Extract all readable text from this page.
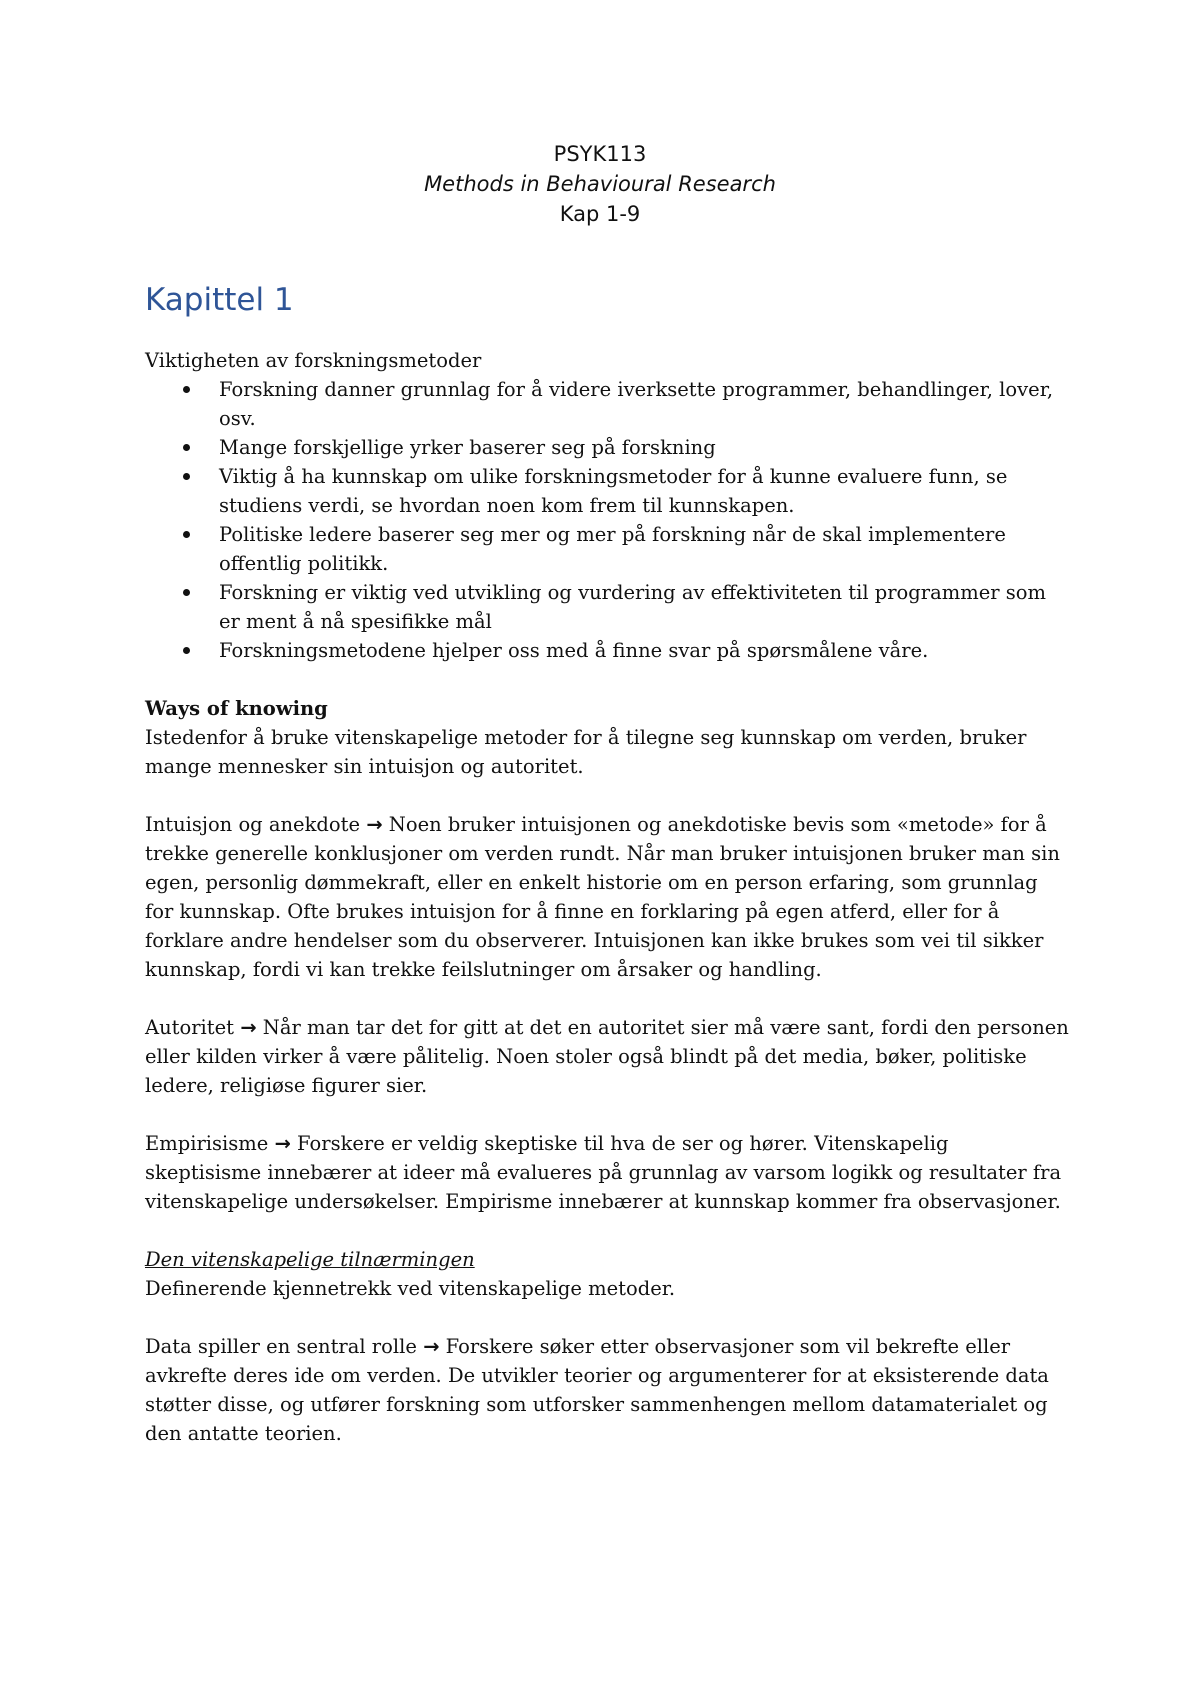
PSYK113
Methods in Behavioural Research
Kap 1-9
Kapittel 1

Viktigheten av forskningsmetoder

Forskning danner grunnlag for å videre iverksette programmer, behandlinger, lover, osv.
Mange forskjellige yrker baserer seg på forskning
Viktig å ha kunnskap om ulike forskningsmetoder for å kunne evaluere funn, se studiens verdi, se hvordan noen kom frem til kunnskapen.
Politiske ledere baserer seg mer og mer på forskning når de skal implementere offentlig politikk.
Forskning er viktig ved utvikling og vurdering av effektiviteten til programmer som er ment å nå spesifikke mål
Forskningsmetodene hjelper oss med å finne svar på spørsmålene våre.

Ways of knowing

Istedenfor å bruke vitenskapelige metoder for å tilegne seg kunnskap om verden, bruker mange mennesker sin intuisjon og autoritet.

Intuisjon og anekdote → Noen bruker intuisjonen og anekdotiske bevis som «metode» for å trekke generelle konklusjoner om verden rundt. Når man bruker intuisjonen bruker man sin egen, personlig dømmekraft, eller en enkelt historie om en person erfaring, som grunnlag for kunnskap. Ofte brukes intuisjon for å finne en forklaring på egen atferd, eller for å forklare andre hendelser som du observerer. Intuisjonen kan ikke brukes som vei til sikker kunnskap, fordi vi kan trekke feilslutninger om årsaker og handling.

Autoritet → Når man tar det for gitt at det en autoritet sier må være sant, fordi den personen eller kilden virker å være pålitelig. Noen stoler også blindt på det media, bøker, politiske ledere, religiøse figurer sier.

Empirisisme → Forskere er veldig skeptiske til hva de ser og hører. Vitenskapelig skeptisisme innebærer at ideer må evalueres på grunnlag av varsom logikk og resultater fra vitenskapelige undersøkelser. Empirisme innebærer at kunnskap kommer fra observasjoner.

Den vitenskapelige tilnærmingen

Definerende kjennetrekk ved vitenskapelige metoder.

Data spiller en sentral rolle → Forskere søker etter observasjoner som vil bekrefte eller avkrefte deres ide om verden. De utvikler teorier og argumenterer for at eksisterende data støtter disse, og utfører forskning som utforsker sammenhengen mellom datamaterialet og den antatte teorien.
